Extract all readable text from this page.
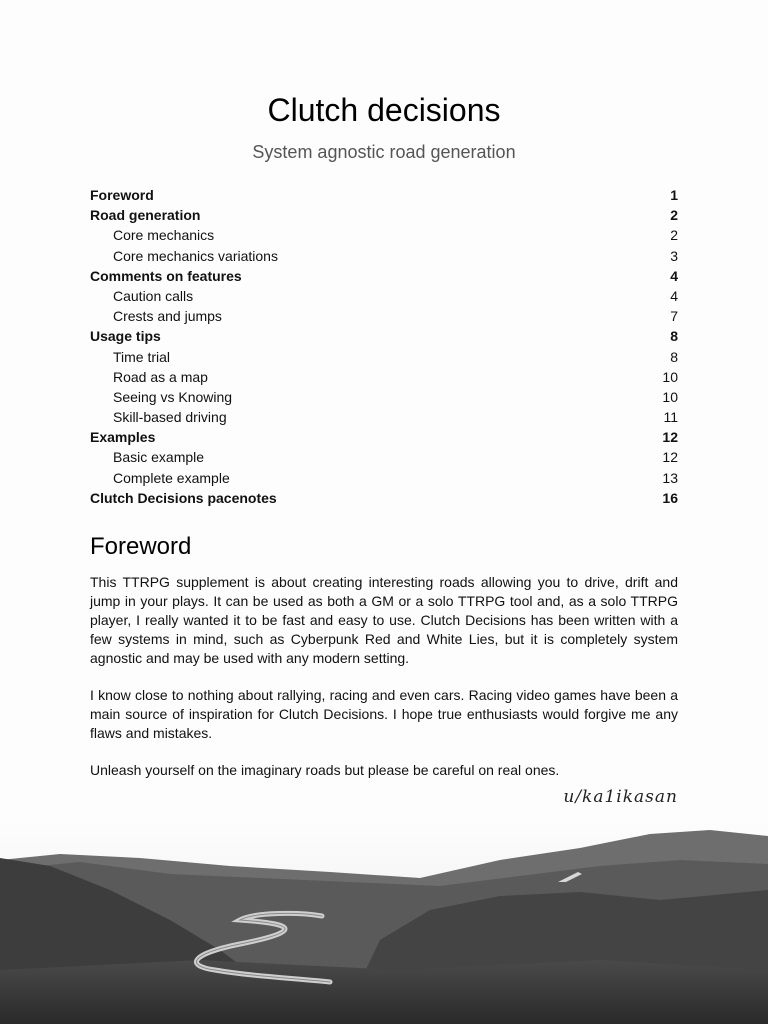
Clutch decisions
System agnostic road generation
Foreword	1
Road generation	2
Core mechanics	2
Core mechanics variations	3
Comments on features	4
Caution calls	4
Crests and jumps	7
Usage tips	8
Time trial	8
Road as a map	10
Seeing vs Knowing	10
Skill-based driving	11
Examples	12
Basic example	12
Complete example	13
Clutch Decisions pacenotes	16
Foreword

This TTRPG supplement is about creating interesting roads allowing you to drive, drift and jump in your plays. It can be used as both a GM or a solo TTRPG tool and, as a solo TTRPG player, I really wanted it to be fast and easy to use. Clutch Decisions has been written with a few systems in mind, such as Cyberpunk Red and White Lies, but it is completely system agnostic and may be used with any modern setting.

I know close to nothing about rallying, racing and even cars. Racing video games have been a main source of inspiration for Clutch Decisions. I hope true enthusiasts would forgive me any flaws and mistakes.

Unleash yourself on the imaginary roads but please be careful on real ones.

u/ka1ikasan
